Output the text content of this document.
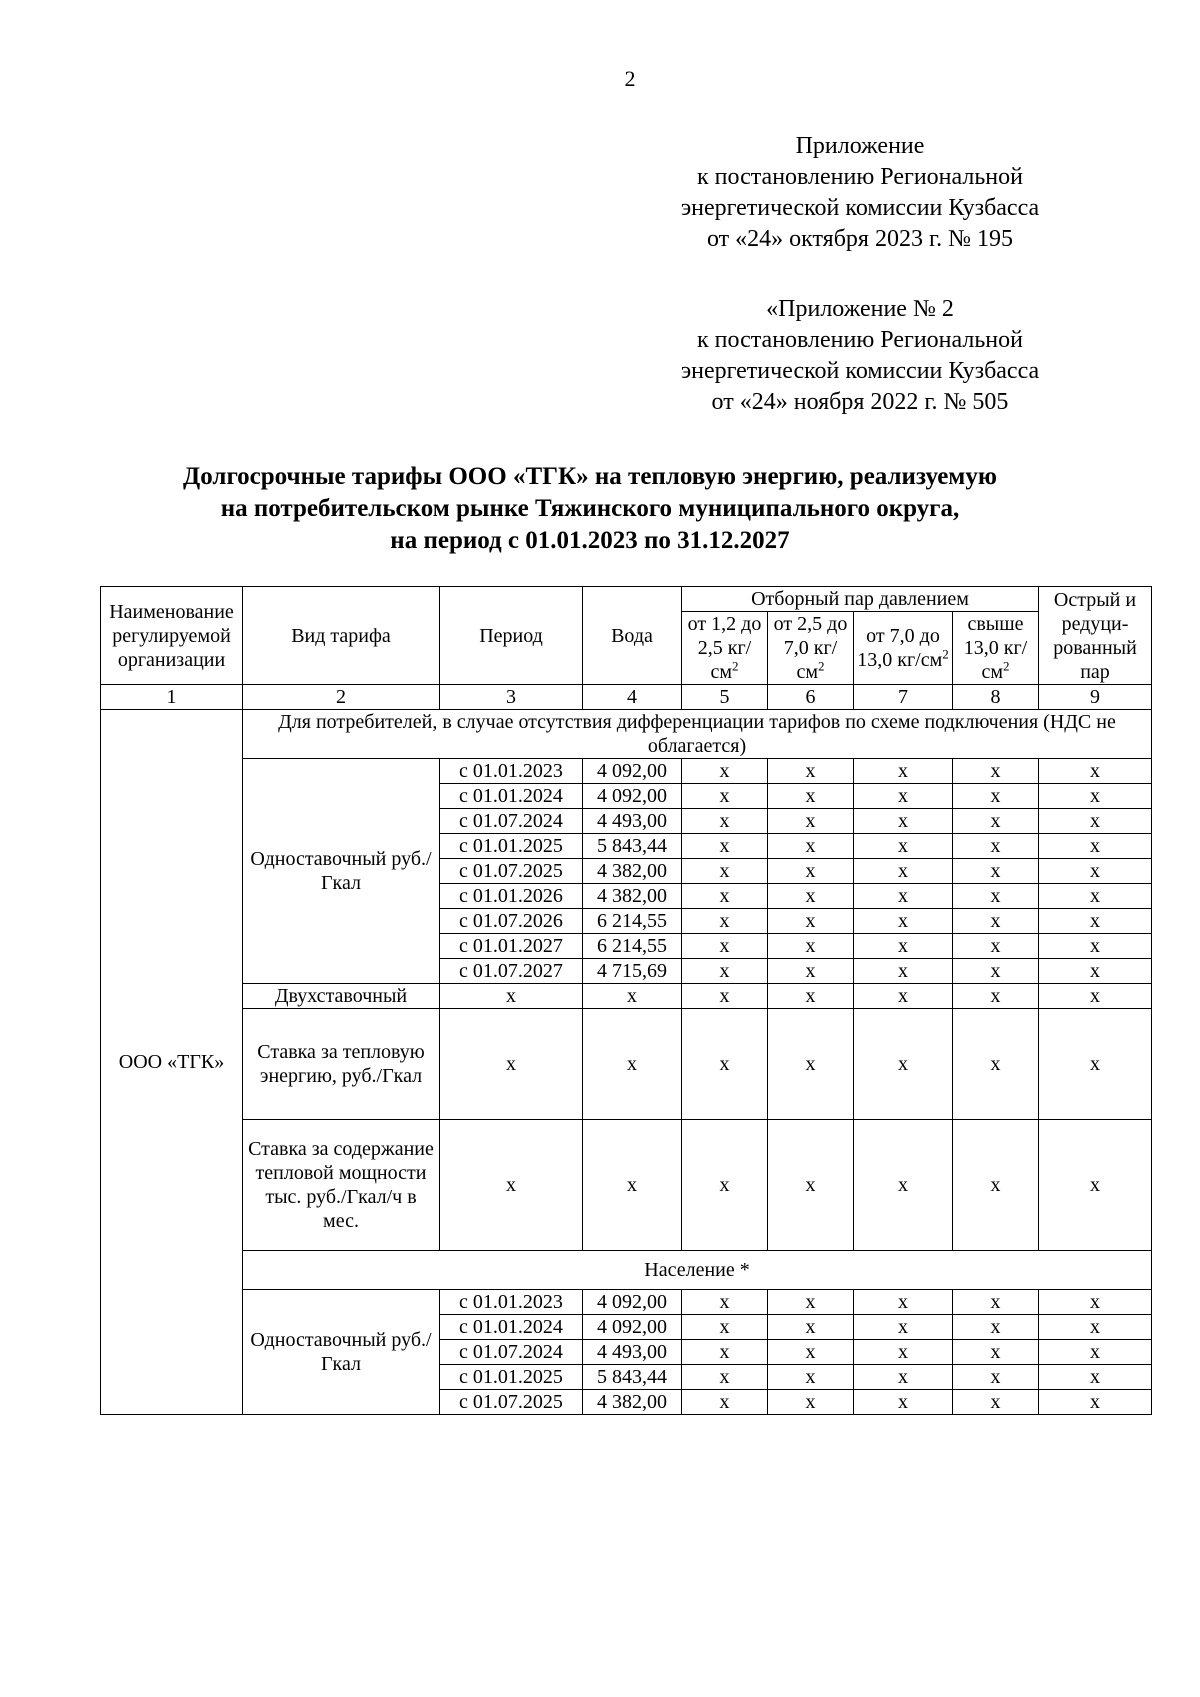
2
Приложение
к постановлению Региональной
энергетической комиссии Кузбасса
от «24» октября 2023 г. № 195
«Приложение № 2
к постановлению Региональной
энергетической комиссии Кузбасса
от «24» ноября 2022 г. № 505
Долгосрочные тарифы ООО «ТГК» на тепловую энергию, реализуемую
на потребительском рынке Тяжинского муниципального округа,
на период с 01.01.2023 по 31.12.2027
Наименование регулируемой организации	Вид тарифа	Период	Вода	Отборный пар давлением				Острый и редуци-рованный пар
				от 1,2 до 2,5 $кг/см^2$	от 2,5 до 7,0 $кг/см^2$	от 7,0 до 13,0 $кг/см^2$	свыше 13,0 $кг/см^2$
1	2	3	4	5	6	7	8	9
ООО «ТГК»	Для потребителей, в случае отсутствия дифференциации тарифов по схеме подключения (НДС не облагается)							
	Одноставочный руб./Гкал	с 01.01.2023	4 092,00	х	х	х	х	х
		с 01.01.2024	4 092,00	х	х	х	х	х
		с 01.07.2024	4 493,00	х	х	х	х	х
		с 01.01.2025	5 843,44	х	х	х	х	х
		с 01.07.2025	4 382,00	х	х	х	х	х
		с 01.01.2026	4 382,00	х	х	х	х	х
		с 01.07.2026	6 214,55	х	х	х	х	х
		с 01.01.2027	6 214,55	х	х	х	х	х
		с 01.07.2027	4 715,69	х	х	х	х	х
	Двухставочный	х	х	х	х	х	х	х
	Ставка за тепловую энергию, руб./Гкал	х	х	х	х	х	х	х
	Ставка за содержание тепловой мощности тыс. руб./Гкал/ч в мес.	х	х	х	х	х	х	х
	Население *							
	Одноставочный руб./Гкал	с 01.01.2023	4 092,00	х	х	х	х	х
		с 01.01.2024	4 092,00	х	х	х	х	х
		с 01.07.2024	4 493,00	х	х	х	х	х
		с 01.01.2025	5 843,44	х	х	х	х	х
		с 01.07.2025	4 382,00	х	х	х	х	х
